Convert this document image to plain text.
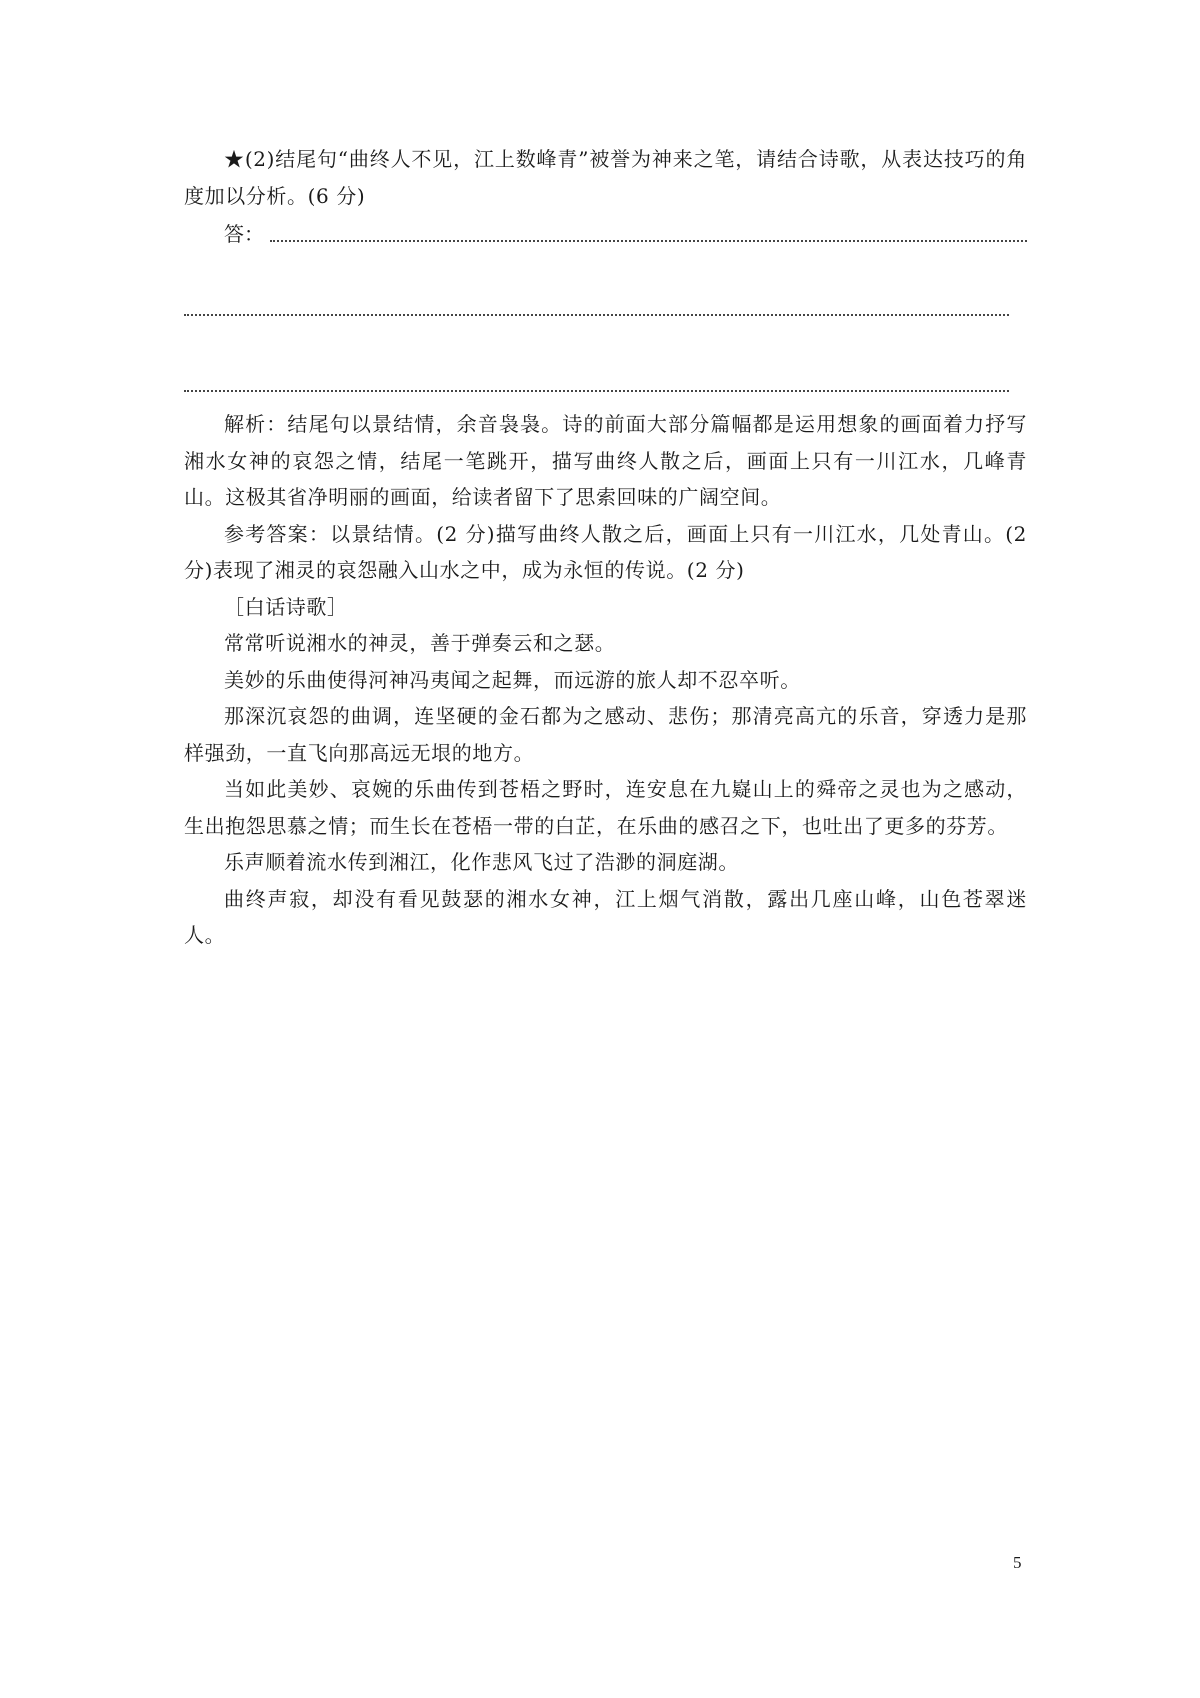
★(2)结尾句“曲终人不见，江上数峰青”被誉为神来之笔，请结合诗歌，从表达技巧的角度加以分析。(6 分)

答：

解析：结尾句以景结情，余音袅袅。诗的前面大部分篇幅都是运用想象的画面着力抒写湘水女神的哀怨之情，结尾一笔跳开，描写曲终人散之后，画面上只有一川江水，几峰青山。这极其省净明丽的画面，给读者留下了思索回味的广阔空间。

参考答案：以景结情。(2 分)描写曲终人散之后，画面上只有一川江水，几处青山。(2 分)表现了湘灵的哀怨融入山水之中，成为永恒的传说。(2 分)

［白话诗歌］

常常听说湘水的神灵，善于弹奏云和之瑟。

美妙的乐曲使得河神冯夷闻之起舞，而远游的旅人却不忍卒听。

那深沉哀怨的曲调，连坚硬的金石都为之感动、悲伤；那清亮高亢的乐音，穿透力是那样强劲，一直飞向那高远无垠的地方。

当如此美妙、哀婉的乐曲传到苍梧之野时，连安息在九嶷山上的舜帝之灵也为之感动，生出抱怨思慕之情；而生长在苍梧一带的白芷，在乐曲的感召之下，也吐出了更多的芬芳。

乐声顺着流水传到湘江，化作悲风飞过了浩渺的洞庭湖。

曲终声寂，却没有看见鼓瑟的湘水女神，江上烟气消散，露出几座山峰，山色苍翠迷人。

5
